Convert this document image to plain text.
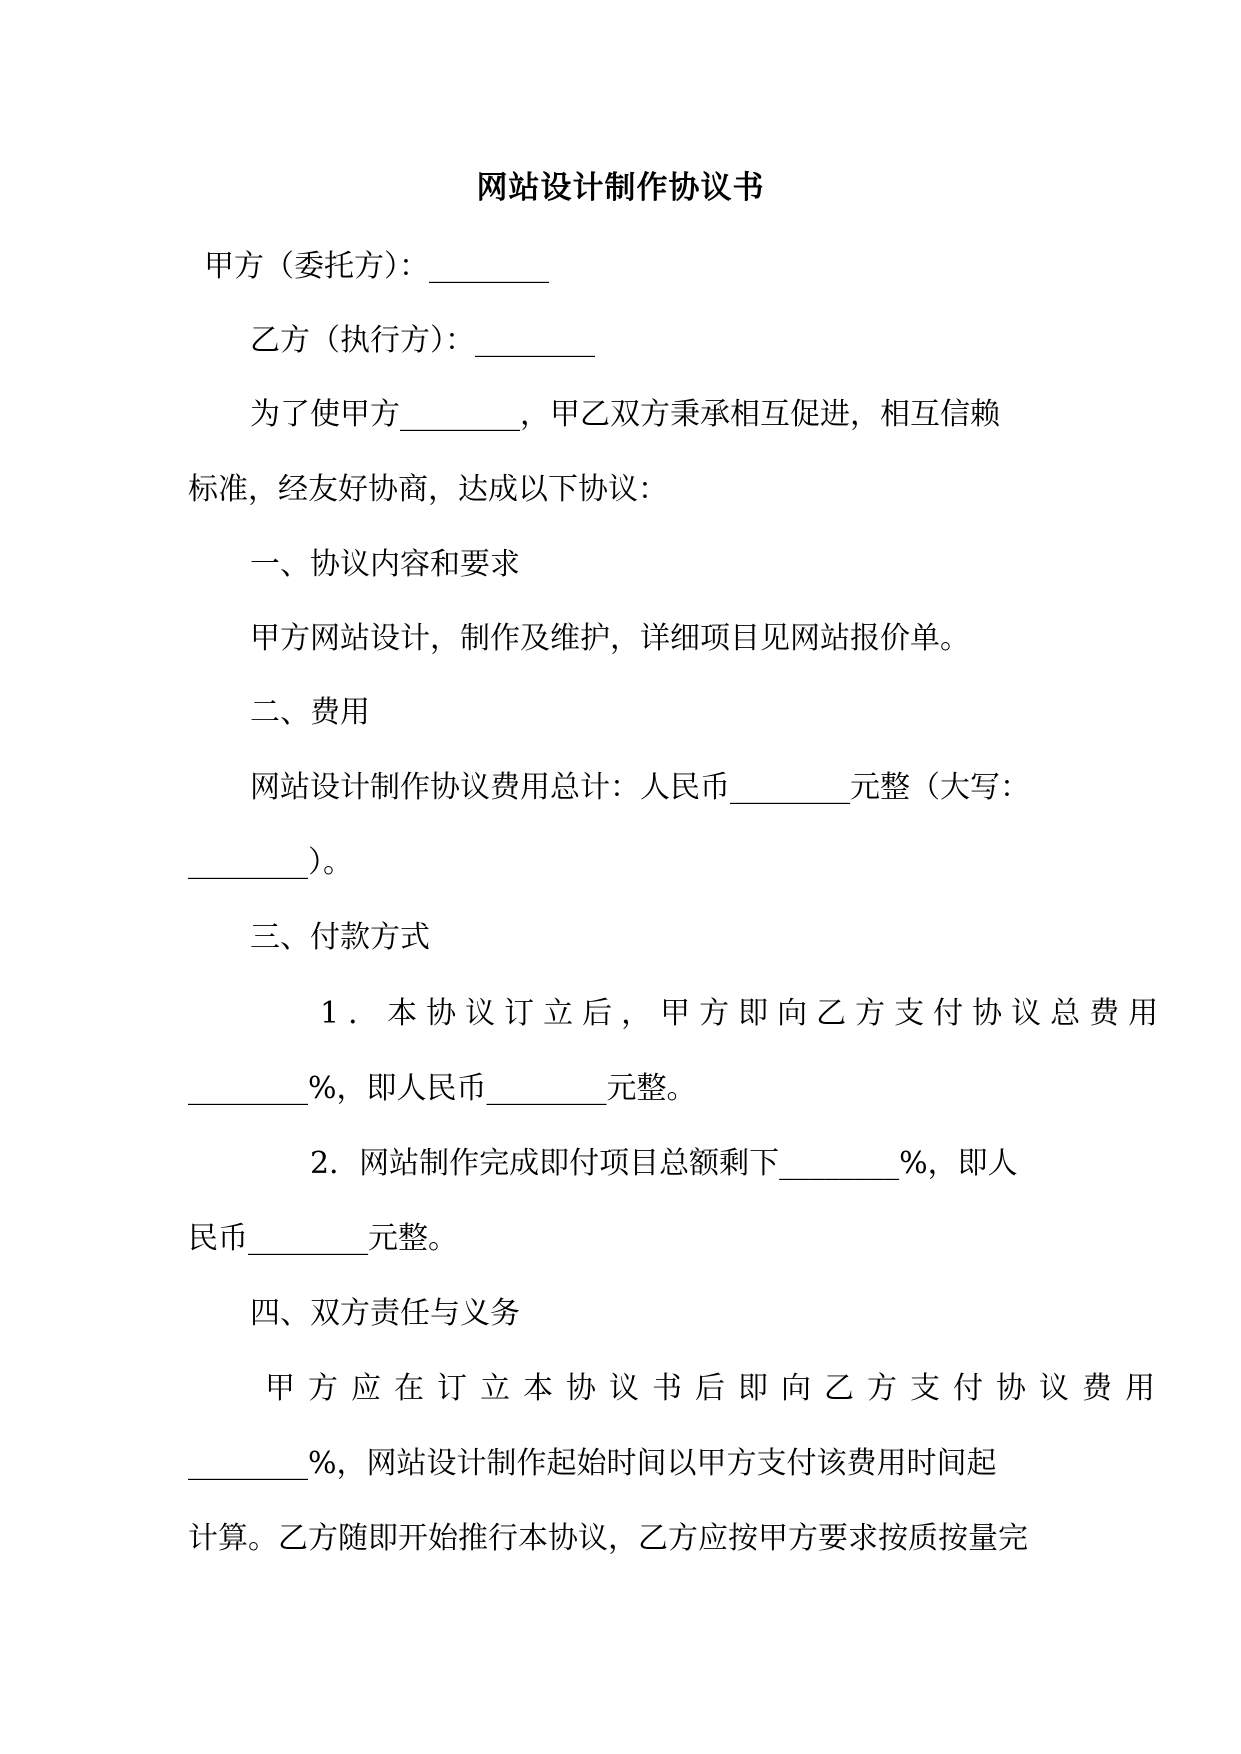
网站设计制作协议书
甲方（委托方）：________
乙方（执行方）：________
为了使甲方________，甲乙双方秉承相互促进，相互信赖
标准，经友好协商，达成以下协议：
一、协议内容和要求
甲方网站设计，制作及维护，详细项目见网站报价单。
二、费用
网站设计制作协议费用总计：人民币________元整（大写：
________）。
三、付款方式
1．本协议订立后，甲方即向乙方支付协议总费用
________%，即人民币________元整。
2．网站制作完成即付项目总额剩下________%，即人
民币________元整。
四、双方责任与义务
甲方应在订立本协议书后即向乙方支付协议费用
________%，网站设计制作起始时间以甲方支付该费用时间起
计算。乙方随即开始推行本协议，乙方应按甲方要求按质按量完
